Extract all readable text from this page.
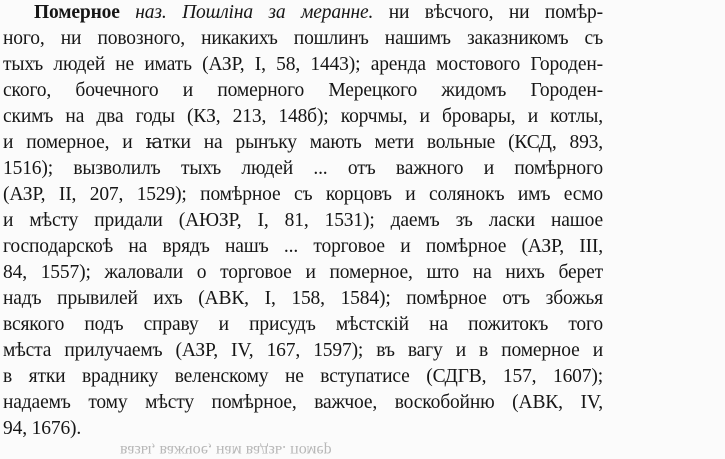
Померное наз. Пошліна за меранне. ни вѣсчого, ни помѣр-
ного, ни повозного, никакихъ пошлинъ нашимъ заказникомъ съ
тыхъ людей не имать (АЗР, І, 58, 1443); аренда мостового Городен-
ского, бочечного и померного Мерецкого жидомъ Городен-
скимъ на два годы (КЗ, 213, 148б); корчмы, и бровары, и котлы,
и померное, и ꙗтки на рынъку мають мети вольные (КСД, 893,
1516); вызволилъ тыхъ людей ... отъ важного и помѣрного
(АЗР, ІІ, 207, 1529); помѣрное съ корцовъ и солянокъ имъ есмо
и мѣсту придали (АЮЗР, І, 81, 1531); даемъ зъ ласки нашое
господарскоѣ на врядъ нашъ ... торговое и помѣрное (АЗР, ІІІ,
84, 1557); жаловали о торговое и померное, што на нихъ берет
надъ прывилей ихъ (АВК, І, 158, 1584); помѣрное отъ збожья
всякого подъ справу и присудъ мѣстскій на пожитокъ того
мѣста прилучаемъ (АЗР, IV, 167, 1597); въ вагу и в померное и
в ятки враднику веленскому не вступатисе (СДГВ, 157, 1607);
надаемъ тому мѣсту помѣрное, важчое, воскобойню (АВК, IV,
94, 1676).
вазы, важчое, нам вадзь. помер
